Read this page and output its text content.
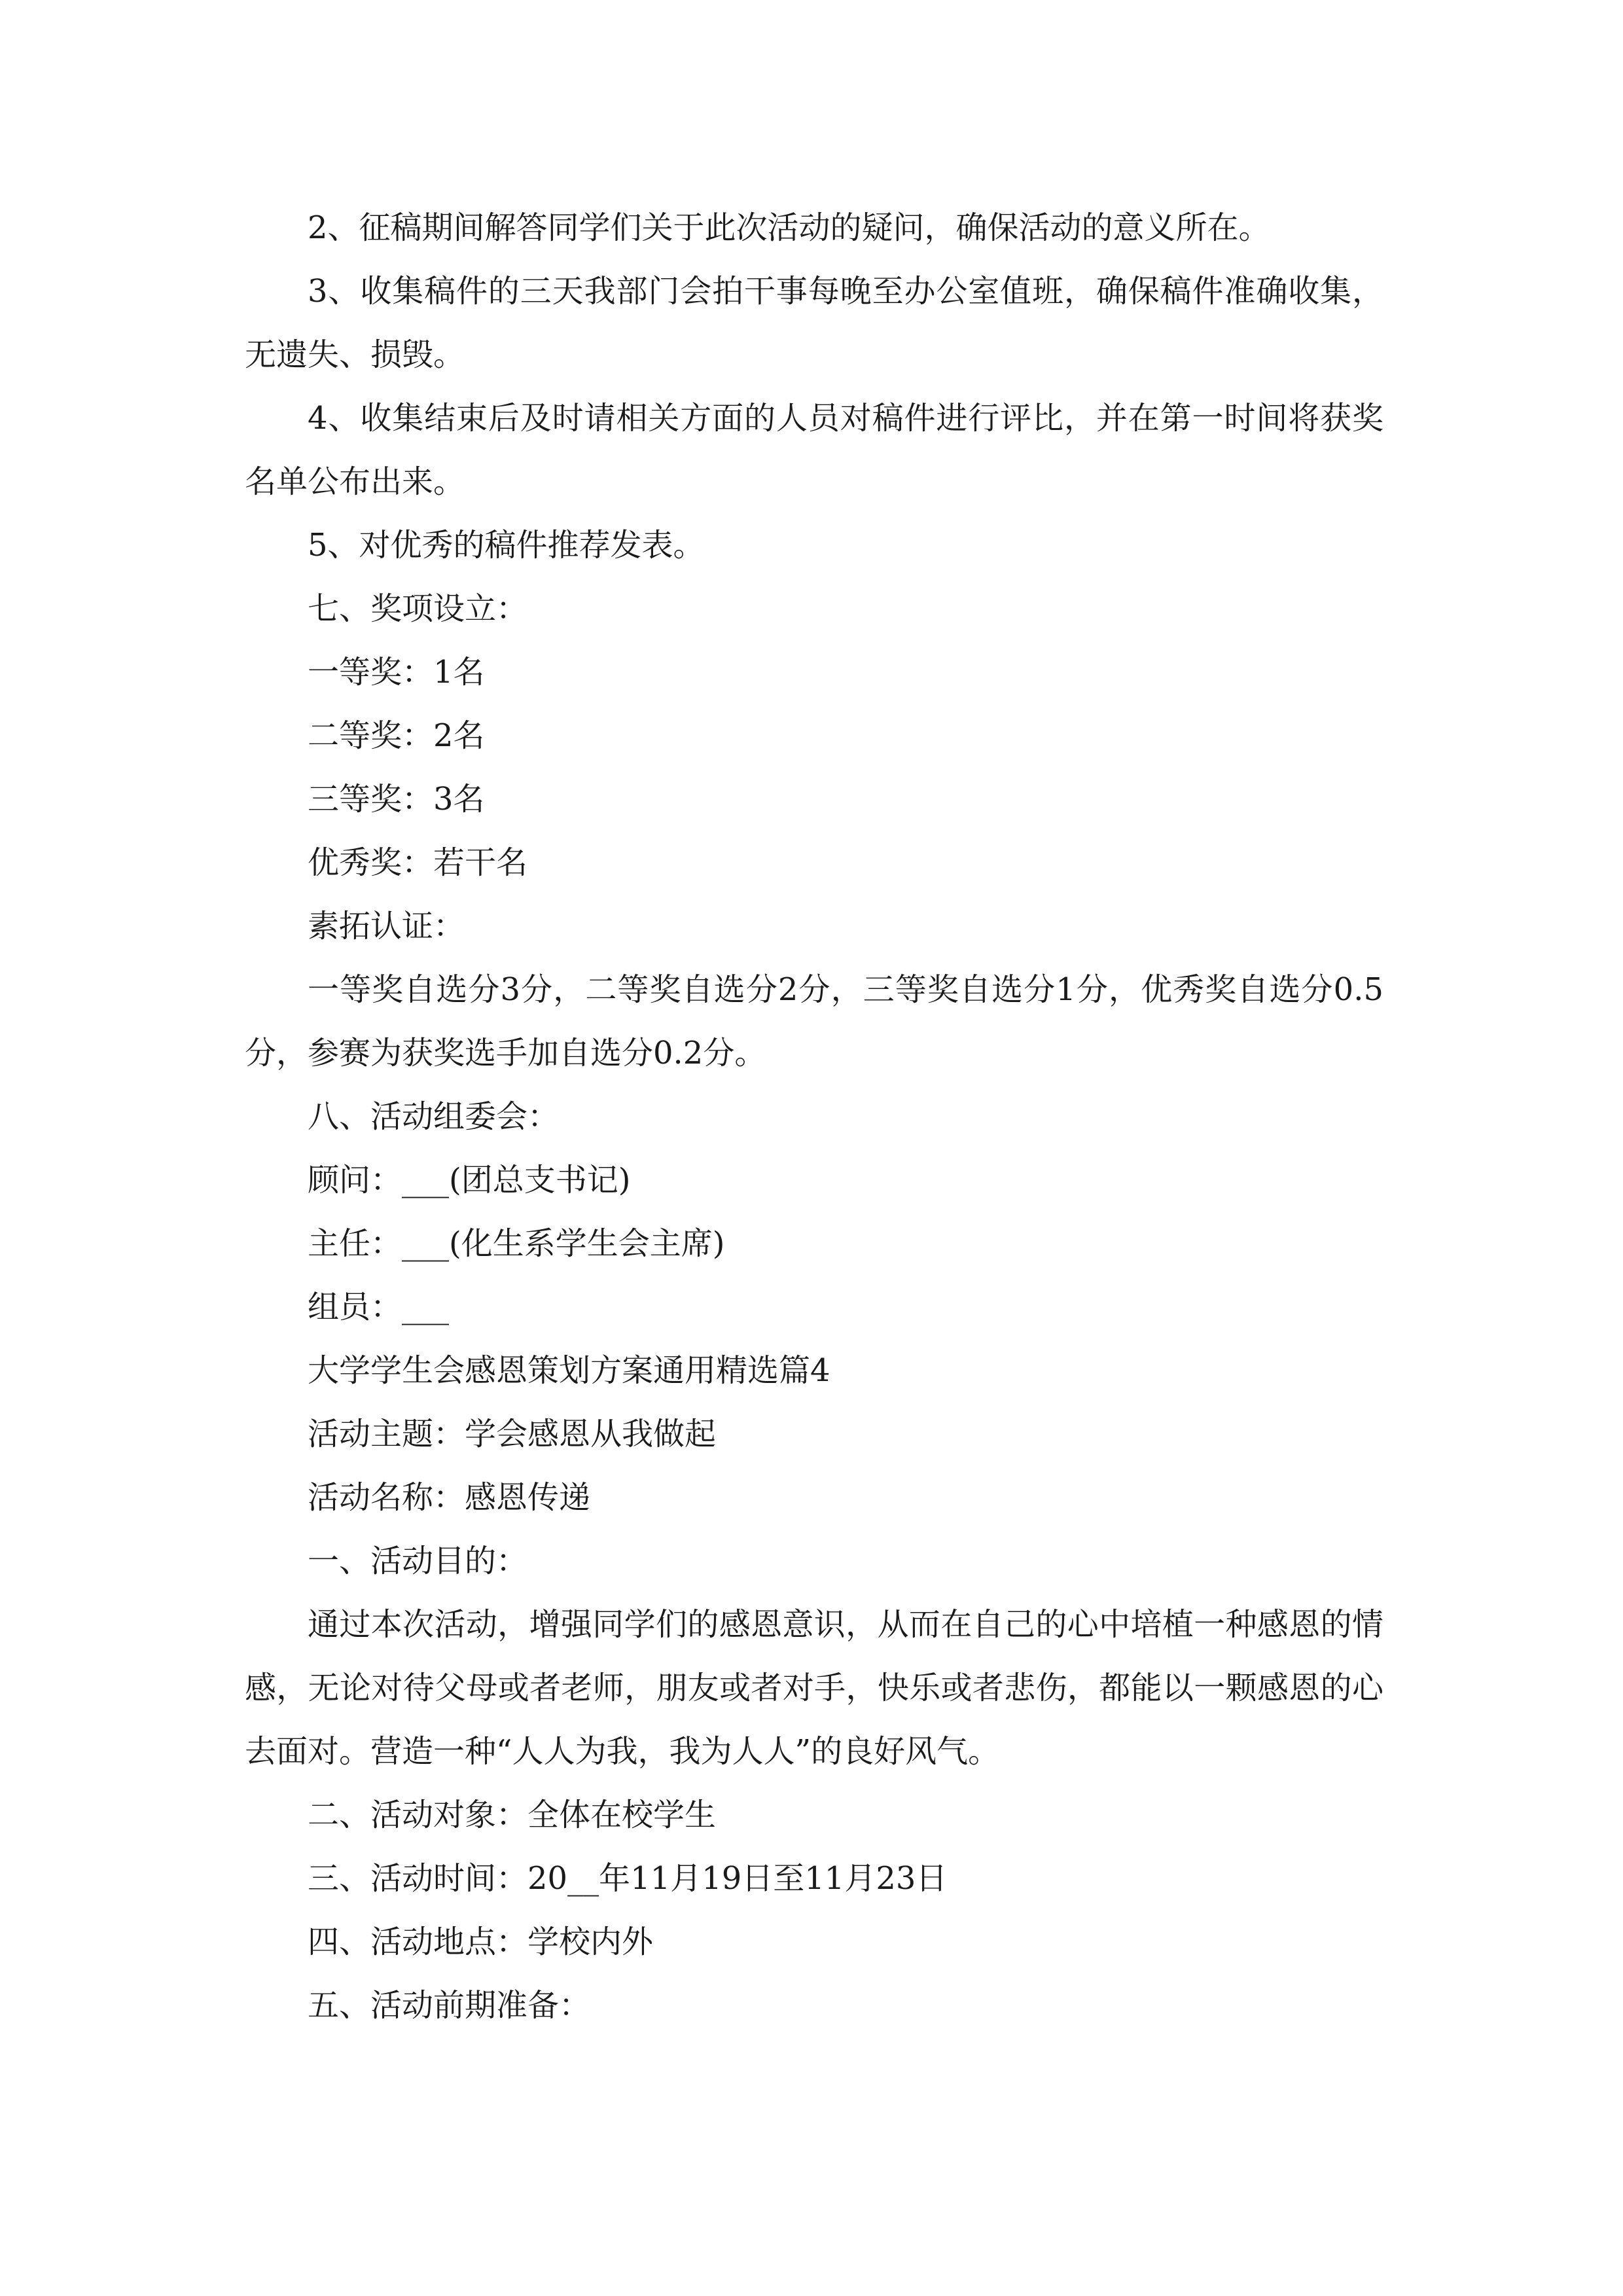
2、征稿期间解答同学们关于此次活动的疑问，确保活动的意义所在。

3、收集稿件的三天我部门会拍干事每晚至办公室值班，确保稿件准确收集，无遗失、损毁。

4、收集结束后及时请相关方面的人员对稿件进行评比，并在第一时间将获奖名单公布出来。

5、对优秀的稿件推荐发表。

七、奖项设立：

一等奖：1名

二等奖：2名

三等奖：3名

优秀奖：若干名

素拓认证：

一等奖自选分3分，二等奖自选分2分，三等奖自选分1分，优秀奖自选分0.5分，参赛为获奖选手加自选分0.2分。

八、活动组委会：

顾问：___(团总支书记)

主任：___(化生系学生会主席)

组员：___

大学学生会感恩策划方案通用精选篇4

活动主题：学会感恩从我做起

活动名称：感恩传递

一、活动目的：

通过本次活动，增强同学们的感恩意识，从而在自己的心中培植一种感恩的情感，无论对待父母或者老师，朋友或者对手，快乐或者悲伤，都能以一颗感恩的心去面对。营造一种“人人为我，我为人人”的良好风气。

二、活动对象：全体在校学生

三、活动时间：20__年11月19日至11月23日

四、活动地点：学校内外

五、活动前期准备：
